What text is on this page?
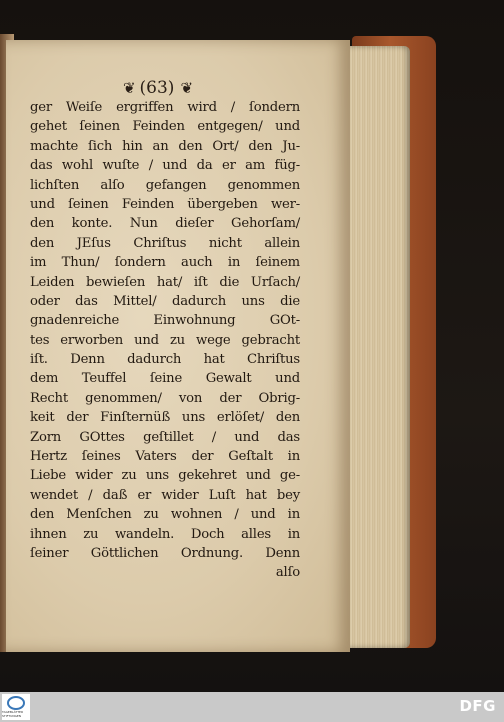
❦ (63) ❦
ger Weiſe ergriffen wird / ſondern
gehet ſeinen Feinden entgegen/ und
machte ſich hin an den Ort/ den Ju-
das wohl wuſte / und da er am füg-
lichſten alſo gefangen genommen
und ſeinen Feinden übergeben wer-
den konte. Nun dieſer Gehorſam/
den JEſus Chriſtus nicht allein
im Thun/ ſondern auch in ſeinem
Leiden bewieſen hat/ iſt die Urſach/
oder das Mittel/ dadurch uns die
gnadenreiche Einwohnung GOt-
tes erworben und zu wege gebracht
iſt. Denn dadurch hat Chriſtus
dem Teuffel ſeine Gewalt und
Recht genommen/ von der Obrig-
keit der Finſternüß uns erlöſet/ den
Zorn GOttes geſtillet / und das
Hertz ſeines Vaters der Geſtalt in
Liebe wider zu uns gekehret und ge-
wendet / daß er wider Luſt hat bey
den Menſchen zu wohnen / und in
ihnen zu wandeln. Doch alles in
ſeiner Göttlichen Ordnung. Denn
alſo
TAGEBLÄTTER STIFTUNGEN
DFG
